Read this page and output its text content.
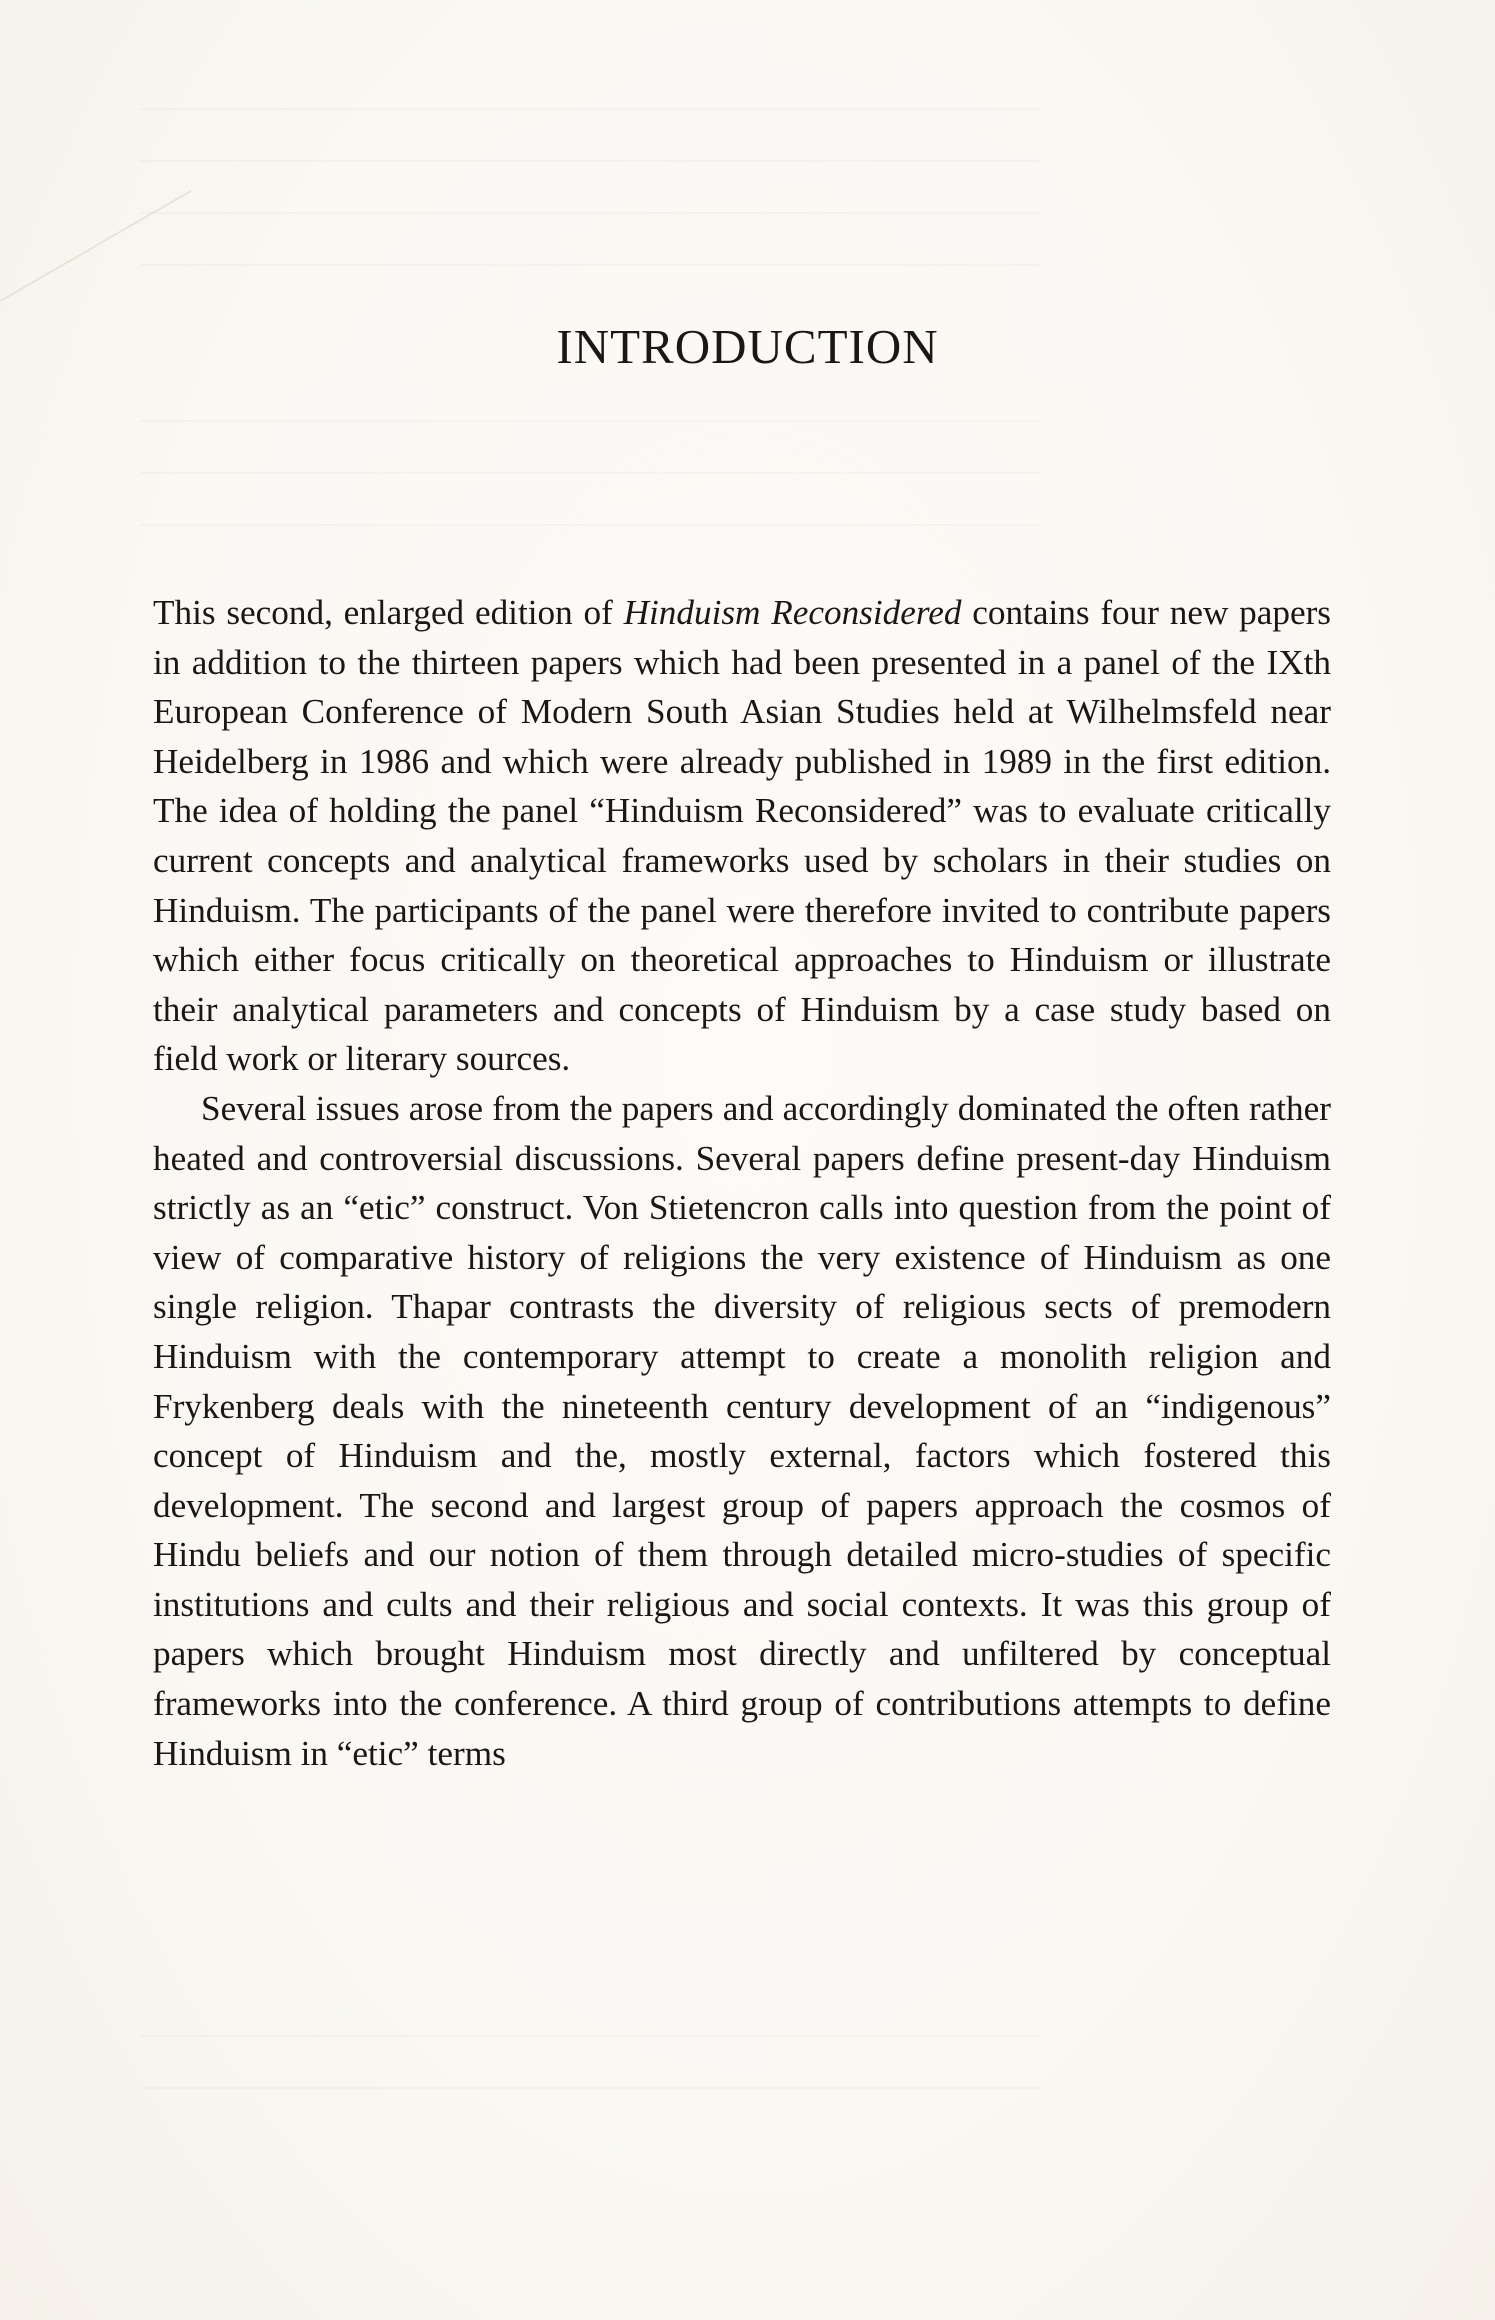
INTRODUCTION

This second, enlarged edition of Hinduism Reconsidered contains four new papers in addition to the thirteen papers which had been presented in a panel of the IXth European Conference of Modern South Asian Studies held at Wilhelmsfeld near Heidelberg in 1986 and which were already published in 1989 in the first edition. The idea of holding the panel “Hinduism Reconsidered” was to evaluate critically current concepts and analytical frameworks used by scholars in their studies on Hinduism. The participants of the panel were therefore invited to contribute papers which either focus critically on theoretical approaches to Hinduism or illustrate their analytical parameters and concepts of Hinduism by a case study based on field work or literary sources.

Several issues arose from the papers and accordingly dominated the often rather heated and controversial discussions. Several papers define present-day Hinduism strictly as an “etic” construct. Von Stietencron calls into question from the point of view of comparative history of religions the very existence of Hinduism as one single religion. Thapar contrasts the diversity of religious sects of premodern Hinduism with the contemporary attempt to create a monolith religion and Frykenberg deals with the nineteenth century development of an “indigenous” concept of Hinduism and the, mostly external, factors which fostered this development. The second and largest group of papers approach the cosmos of Hindu beliefs and our notion of them through detailed micro-studies of specific institutions and cults and their religious and social contexts. It was this group of papers which brought Hinduism most directly and unfiltered by conceptual frameworks into the conference. A third group of contributions attempts to define Hinduism in “etic” terms
